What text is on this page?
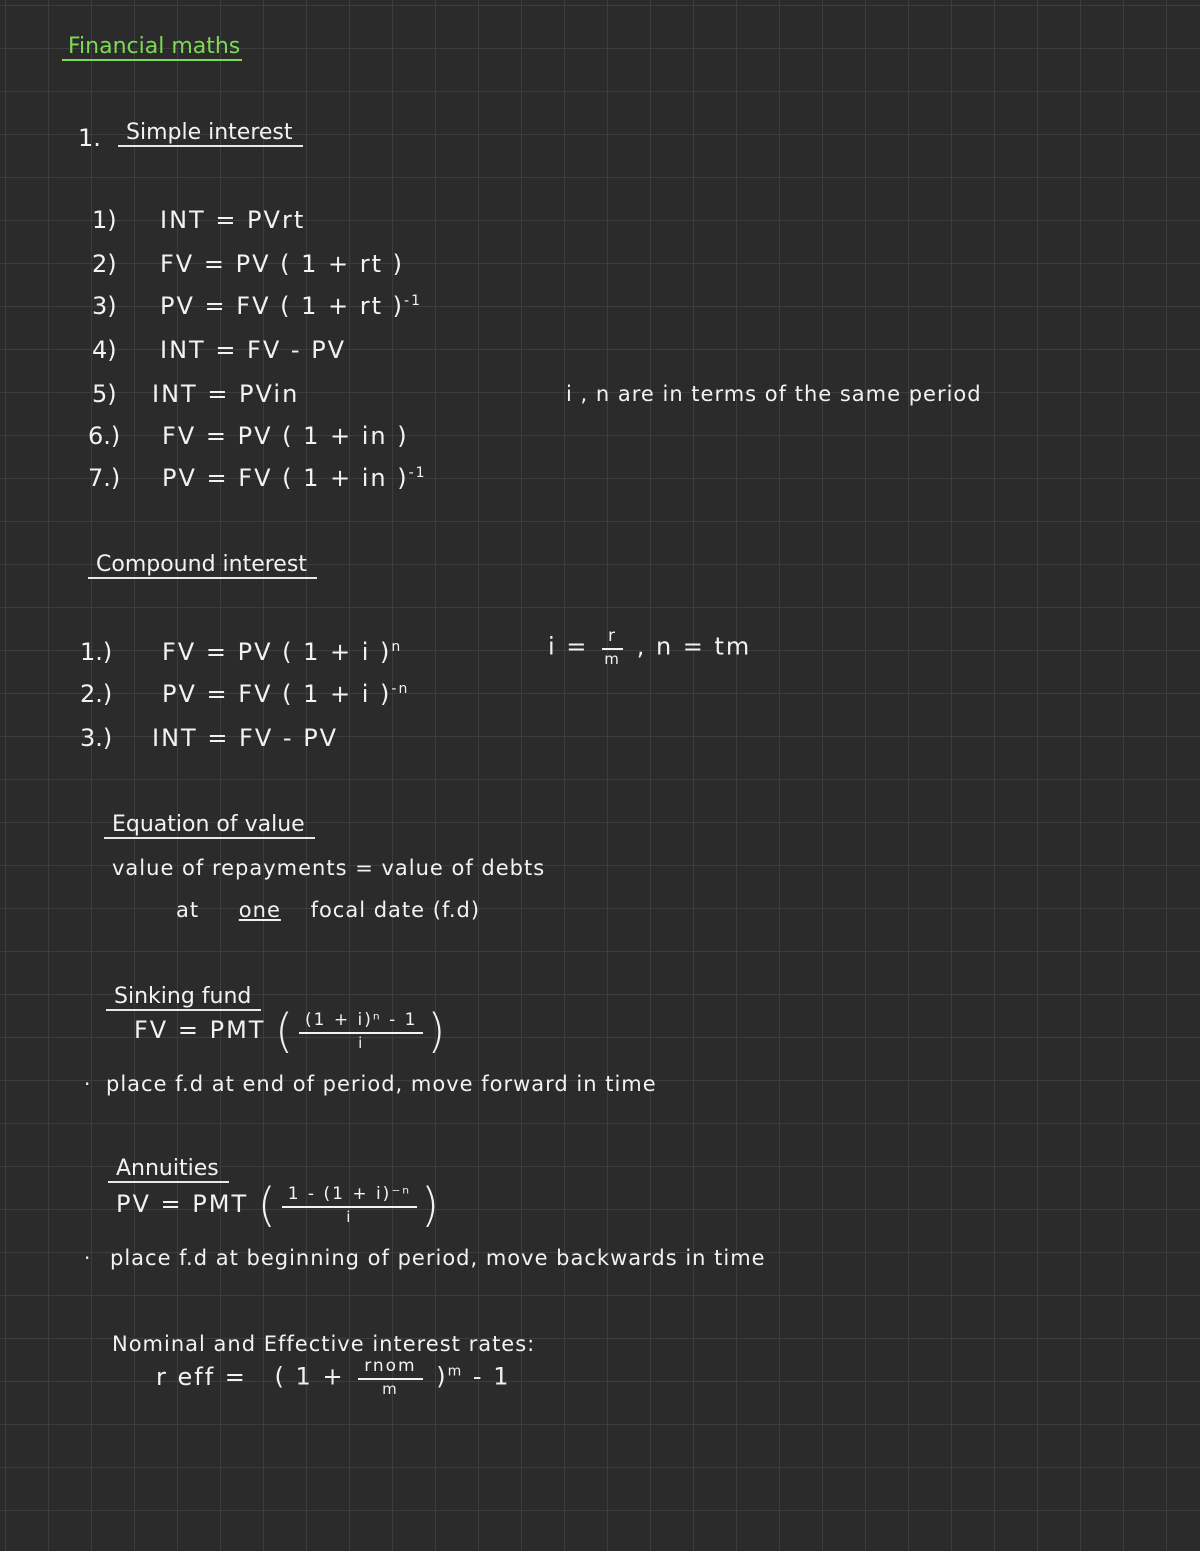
Financial maths
1.	Simple interest
1) INT = PVrt
2) FV = PV ( 1 + rt )
3) PV = FV ( 1 + rt )$^{-1}$
4) INT = FV - PV
5) INT = PVin	i , n are in terms of the same period
6.) FV = PV ( 1 + in )
7.) PV = FV ( 1 + in )$^{-1}$
Compound interest
1.) FV = PV ( 1 + i )$^n$
2.) PV = FV ( 1 + i )$^{-n}$
3.) INT = FV - PV
$i = \frac{r}{m}$ , n = tm
Equation of value
value of repayments = value of debts
at one focal date (f.d)
Sinking fund
FV = PMT ( $\frac{\text{(1 + i)ⁿ - 1}}{i}$ )
· place f.d at end of period, move forward in time
Annuities
PV = PMT ( $\frac{\text{1 - (1 + i)⁻ⁿ}}{i}$ )
· place f.d at beginning of period, move backwards in time
Nominal and Effective interest rates:
r eff = ( $1 + \frac{\text{rnom}}{m} )^m - 1$
